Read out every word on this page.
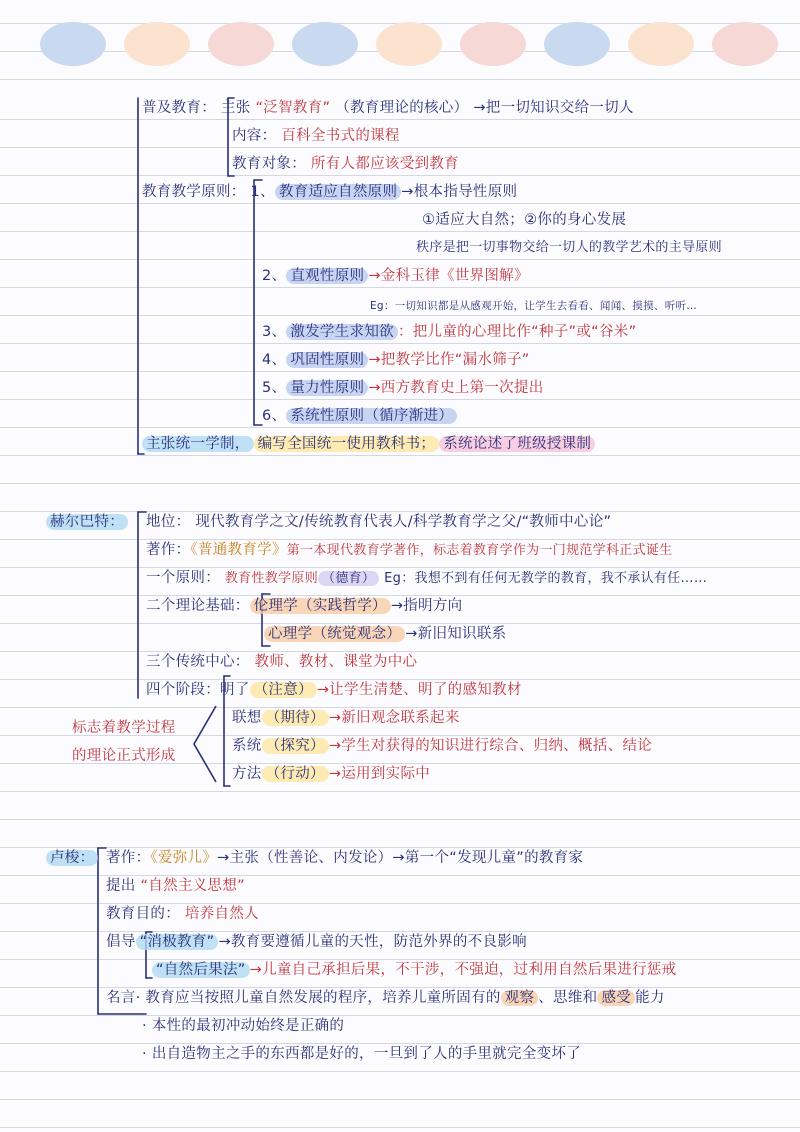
普及教育： 主张 “泛智教育” （教育理论的核心） →把一切知识交给一切人
内容： 百科全书式的课程
教育对象： 所有人都应该受到教育
教育教学原则： 1、 教育适应自然原则 →根本指导性原则
①适应大自然；②你的身心发展
秩序是把一切事物交给一切人的教学艺术的主导原则
2、 直观性原则 →金科玉律《世界图解》
Eg：一切知识都是从感观开始，让学生去看看、闻闻、摸摸、听听…
3、 激发学生求知欲 ：把儿童的心理比作“种子”或“谷米”
4、 巩固性原则 →把教学比作“漏水筛子”
5、 量力性原则 →西方教育史上第一次提出
6、 系统性原则（循序渐进）
主张统一学制， 编写全国统一使用教科书； 系统论述了班级授课制
赫尔巴特： 地位： 现代教育学之文/传统教育代表人/科学教育学之父/“教师中心论”
著作：《普通教育学》第一本现代教育学著作，标志着教育学作为一门规范学科正式诞生
一个原则： 教育性教学原则 （德育） Eg：我想不到有任何无教学的教育，我不承认有任……
二个理论基础： 伦理学（实践哲学） →指明方向
心理学（统觉观念） →新旧知识联系
三个传统中心： 教师、教材、课堂为中心
四个阶段：明了 （注意） →让学生清楚、明了的感知教材
标志着教学过程
的理论正式形成
联想 （期待） →新旧观念联系起来
系统 （探究） →学生对获得的知识进行综合、归纳、概括、结论
方法 （行动） →运用到实际中
卢梭： 著作：《爱弥儿》→主张（性善论、内发论）→第一个“发现儿童”的教育家
提出 “自然主义思想”
教育目的： 培养自然人
倡导 “消极教育” →教育要遵循儿童的天性，防范外界的不良影响
“自然后果法” →儿童自己承担后果，不干涉，不强迫，过利用自然后果进行惩戒
名言· 教育应当按照儿童自然发展的程序，培养儿童所固有的 观察 、思维和 感受 能力
· 本性的最初冲动始终是正确的
· 出自造物主之手的东西都是好的，一旦到了人的手里就完全变坏了
